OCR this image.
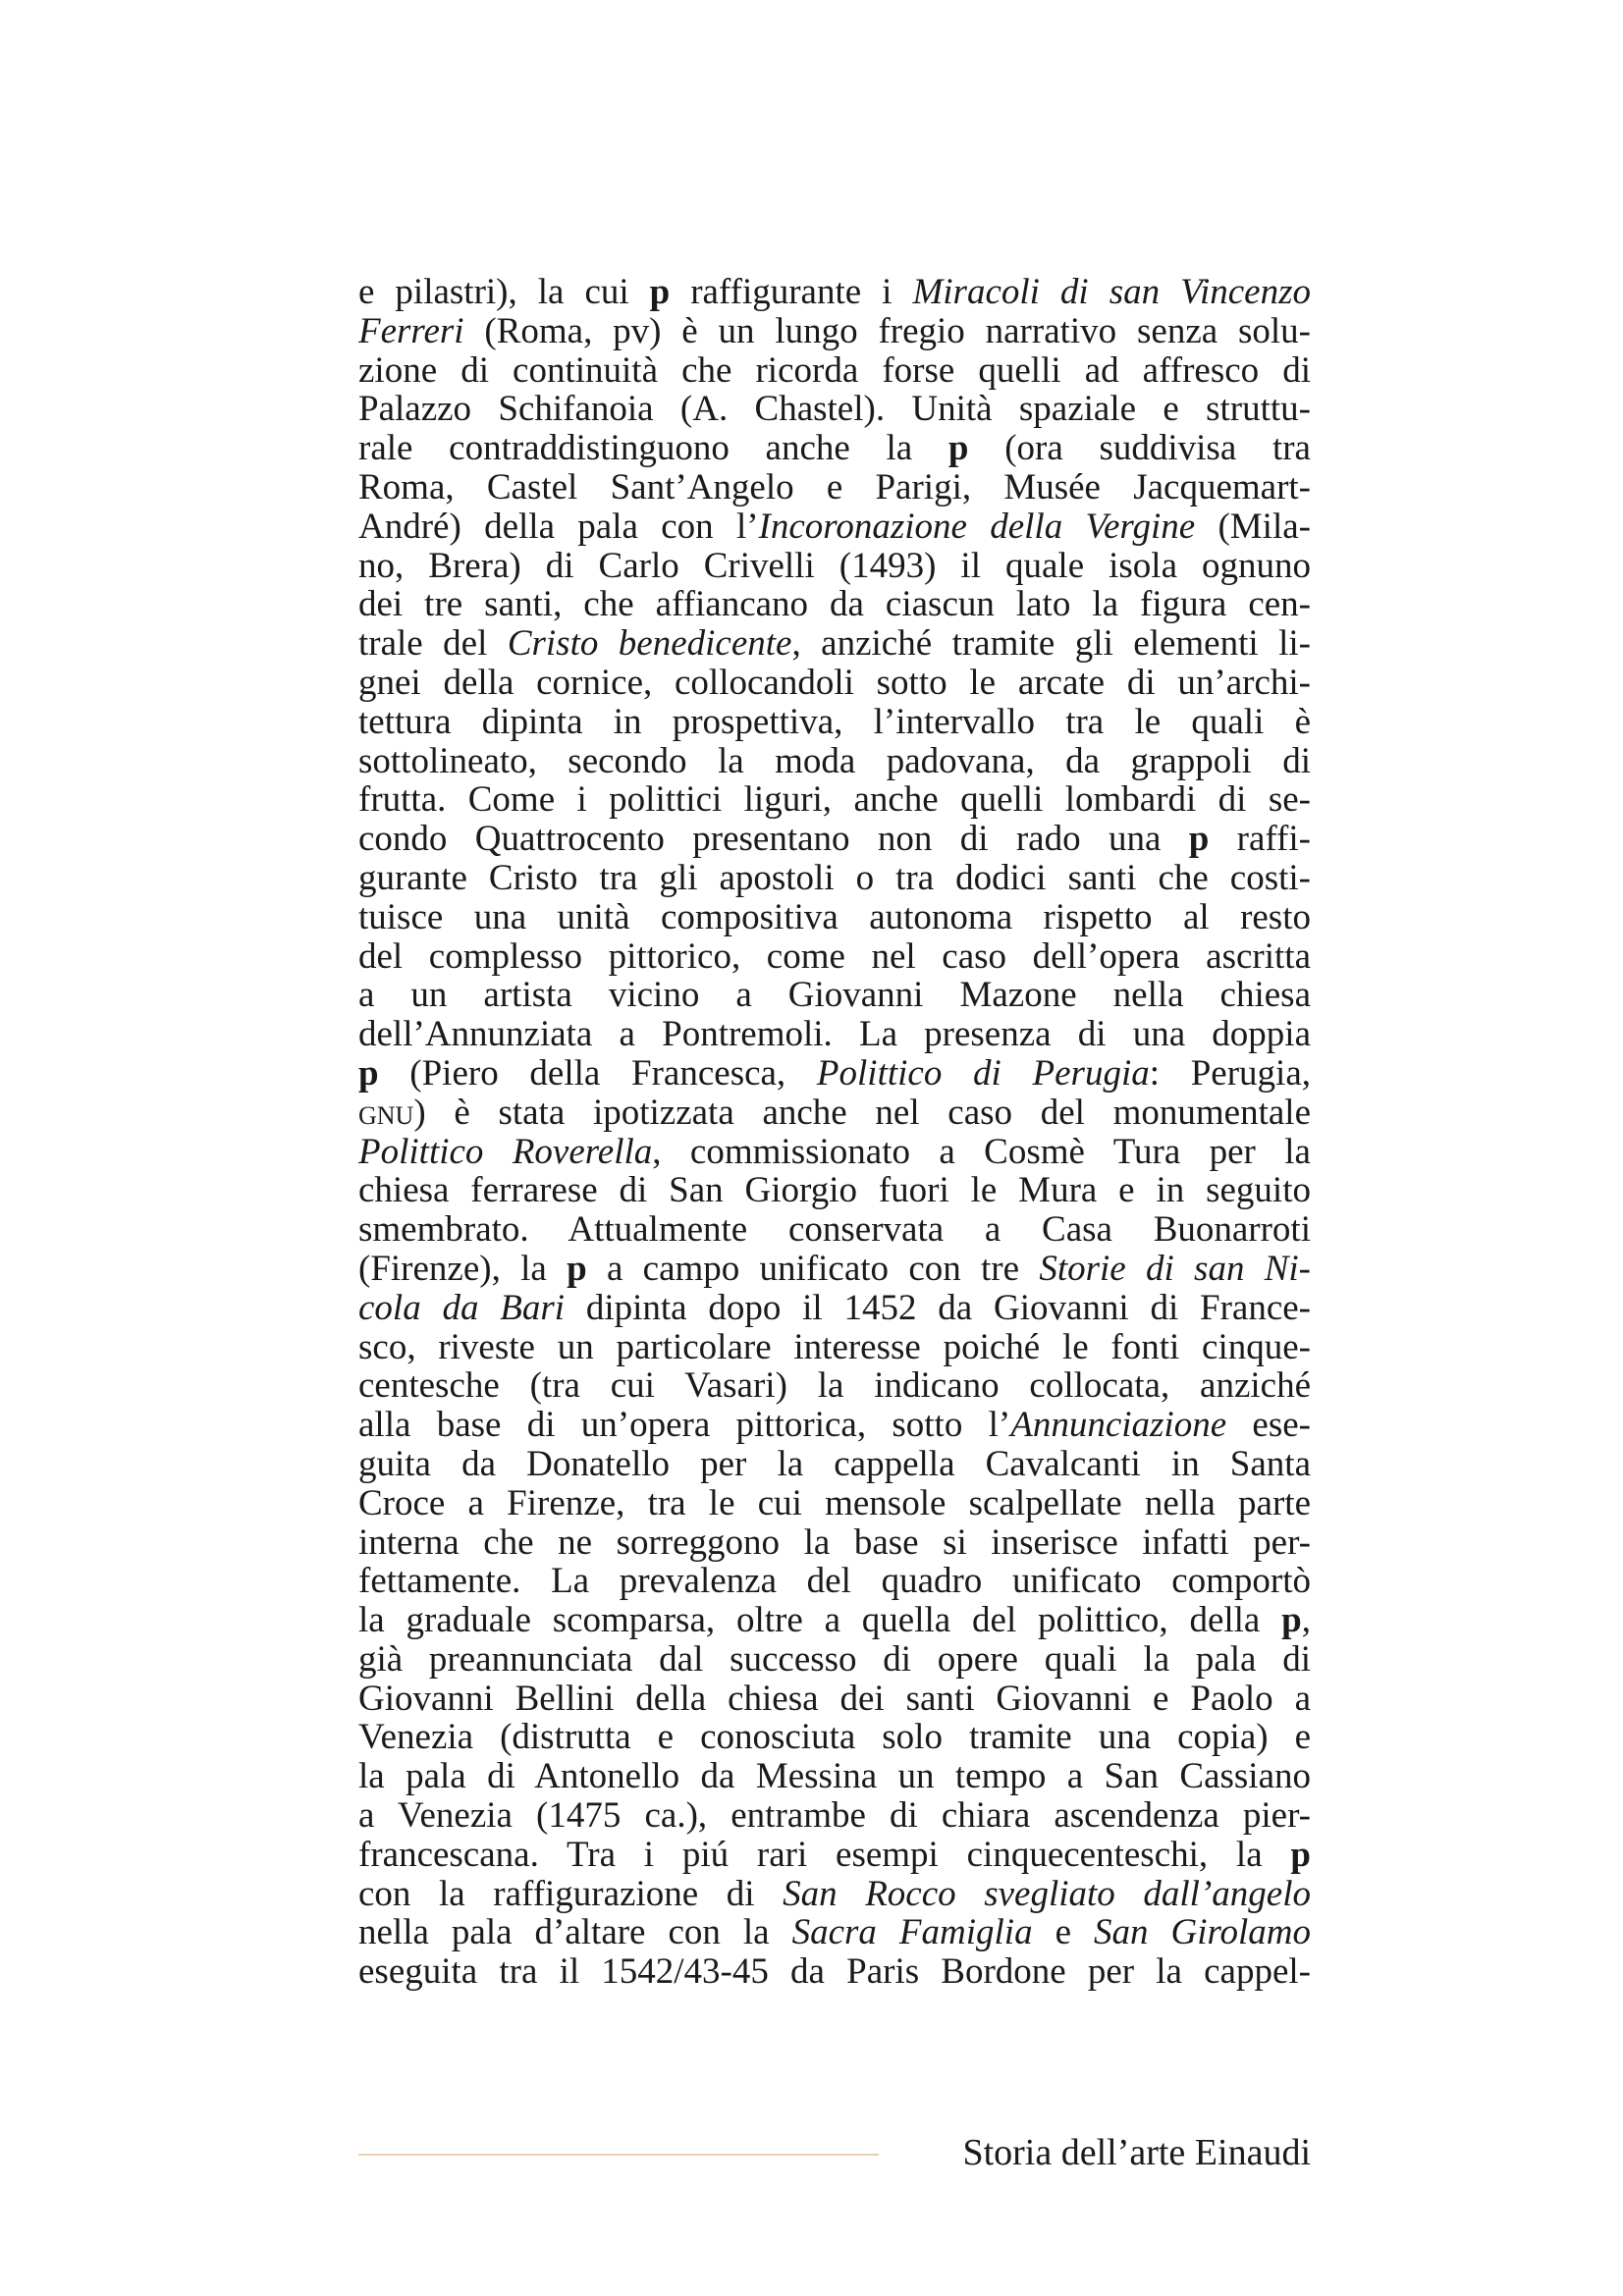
e pilastri), la cui p raffigurante i Miracoli di san Vincenzo
Ferreri (Roma, pv) è un lungo fregio narrativo senza solu-
zione di continuità che ricorda forse quelli ad affresco di
Palazzo Schifanoia (A. Chastel). Unità spaziale e struttu-
rale contraddistinguono anche la p (ora suddivisa tra
Roma, Castel Sant’Angelo e Parigi, Musée Jacquemart-
André) della pala con l’Incoronazione della Vergine (Mila-
no, Brera) di Carlo Crivelli (1493) il quale isola ognuno
dei tre santi, che affiancano da ciascun lato la figura cen-
trale del Cristo benedicente, anziché tramite gli elementi li-
gnei della cornice, collocandoli sotto le arcate di un’archi-
tettura dipinta in prospettiva, l’intervallo tra le quali è
sottolineato, secondo la moda padovana, da grappoli di
frutta. Come i polittici liguri, anche quelli lombardi di se-
condo Quattrocento presentano non di rado una p raffi-
gurante Cristo tra gli apostoli o tra dodici santi che costi-
tuisce una unità compositiva autonoma rispetto al resto
del complesso pittorico, come nel caso dell’opera ascritta
a un artista vicino a Giovanni Mazone nella chiesa
dell’Annunziata a Pontremoli. La presenza di una doppia
p (Piero della Francesca, Polittico di Perugia: Perugia,
gnu) è stata ipotizzata anche nel caso del monumentale
Polittico Roverella, commissionato a Cosmè Tura per la
chiesa ferrarese di San Giorgio fuori le Mura e in seguito
smembrato. Attualmente conservata a Casa Buonarroti
(Firenze), la p a campo unificato con tre Storie di san Ni-
cola da Bari dipinta dopo il 1452 da Giovanni di France-
sco, riveste un particolare interesse poiché le fonti cinque-
centesche (tra cui Vasari) la indicano collocata, anziché
alla base di un’opera pittorica, sotto l’Annunciazione ese-
guita da Donatello per la cappella Cavalcanti in Santa
Croce a Firenze, tra le cui mensole scalpellate nella parte
interna che ne sorreggono la base si inserisce infatti per-
fettamente. La prevalenza del quadro unificato comportò
la graduale scomparsa, oltre a quella del polittico, della p,
già preannunciata dal successo di opere quali la pala di
Giovanni Bellini della chiesa dei santi Giovanni e Paolo a
Venezia (distrutta e conosciuta solo tramite una copia) e
la pala di Antonello da Messina un tempo a San Cassiano
a Venezia (1475 ca.), entrambe di chiara ascendenza pier-
francescana. Tra i piú rari esempi cinquecenteschi, la p
con la raffigurazione di San Rocco svegliato dall’angelo
nella pala d’altare con la Sacra Famiglia e San Girolamo
eseguita tra il 1542/43-45 da Paris Bordone per la cappel-
Storia dell’arte Einaudi
